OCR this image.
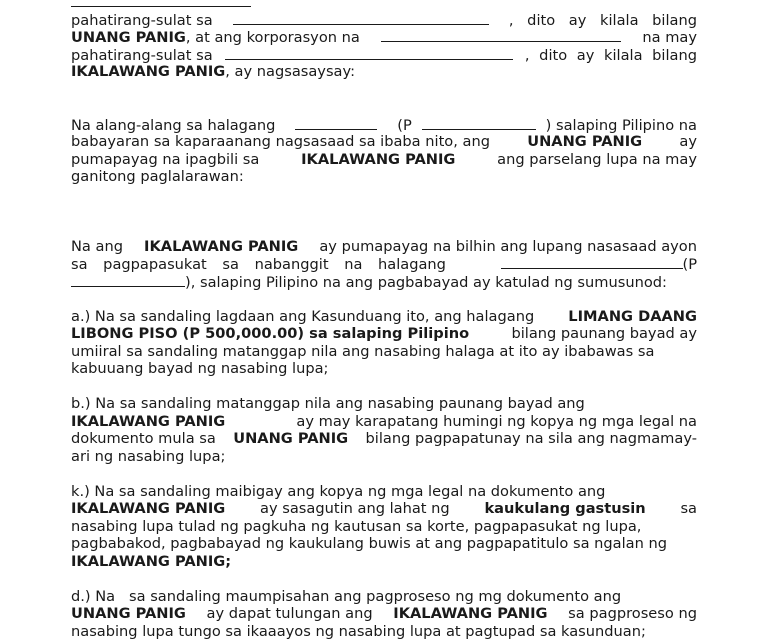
pahatirang-sulat sa	, dito ay kilala bilang
UNANG PANIG, at ang korporasyon na	na may
pahatirang-sulat sa	, dito ay kilala bilang
IKALAWANG PANIG , ay nagsasaysay:
Na alang-alang sa halagang	(P	) salaping Pilipino na
babayaran sa kaparaanang nagsasaad sa ibaba nito, ang	UNANG PANIG	ay
pumapayag na ipagbili sa	IKALAWANG PANIG	ang parselang lupa na may
ganitong paglalarawan:
Na ang IKALAWANG PANIG ay pumapayag na bilhin ang lupang nasasaad ayon
sa pagpapasukat sa nabanggit na halagang	(P
), salaping Pilipino na ang pagbabayad ay katulad ng sumusunod:
a.) Na sa sandaling lagdaan ang Kasunduang ito, ang halagang LIMANG DAANG
LIBONG PISO (P 500,000.00) sa salaping Pilipino	bilang paunang bayad ay
umiiral sa sandaling matanggap nila ang nasabing halaga at ito ay ibabawas sa
kabuuang bayad ng nasabing lupa;
b.) Na sa sandaling matanggap nila ang nasabing paunang bayad ang
IKALAWANG PANIG	ay may karapatang humingi ng kopya ng mga legal na
dokumento mula sa UNANG PANIG bilang pagpapatunay na sila ang nagmamay-
ari ng nasabing lupa;
k.) Na sa sandaling maibigay ang kopya ng mga legal na dokumento ang
IKALAWANG PANIG ay sasagutin ang lahat ng kaukulang gastusin sa
nasabing lupa tulad ng pagkuha ng kautusan sa korte, pagpapasukat ng lupa,
pagbabakod, pagbabayad ng kaukulang buwis at ang pagpapatitulo sa ngalan ng
IKALAWANG PANIG;
d.) Na   sa sandaling maumpisahan ang pagproseso ng mg dokumento ang
UNANG PANIG ay dapat tulungan ang IKALAWANG PANIG sa pagproseso ng
nasabing lupa tungo sa ikaaayos ng nasabing lupa at pagtupad sa kasunduan;
